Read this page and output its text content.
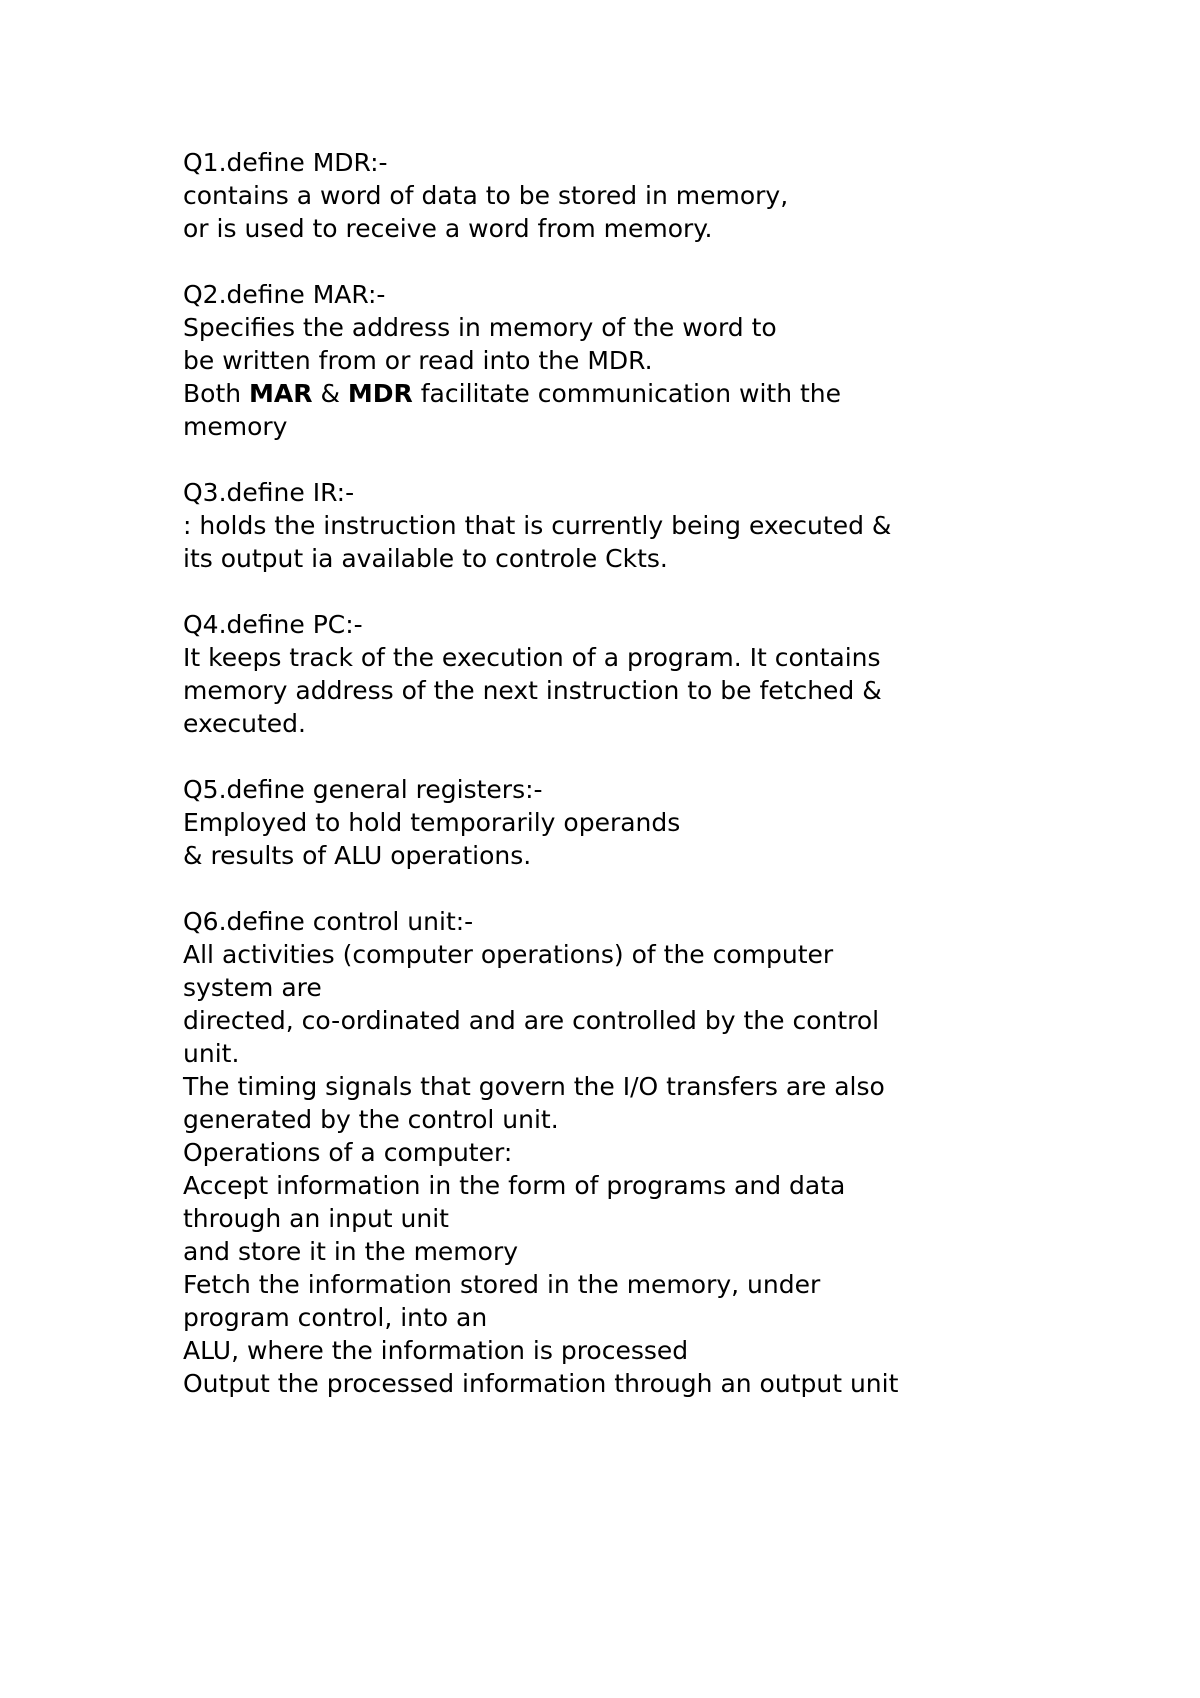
Q1.define MDR:-
contains a word of data to be stored in memory,
or is used to receive a word from memory.
Q2.define MAR:-
Specifies the address in memory of the word to
be written from or read into the MDR.
Both MAR & MDR facilitate communication with the
memory
Q3.define IR:-
: holds the instruction that is currently being executed &
its output ia available to controle Ckts.
Q4.define PC:-
It keeps track of the execution of a program. It contains
memory address of the next instruction to be fetched &
executed.
Q5.define general registers:-
Employed to hold temporarily operands
& results of ALU operations.
Q6.define control unit:-
All activities (computer operations) of the computer
system are
directed, co-ordinated and are controlled by the control
unit.
The timing signals that govern the I/O transfers are also
generated by the control unit.
Operations of a computer:
Accept information in the form of programs and data
through an input unit
and store it in the memory
Fetch the information stored in the memory, under
program control, into an
ALU, where the information is processed
Output the processed information through an output unit
